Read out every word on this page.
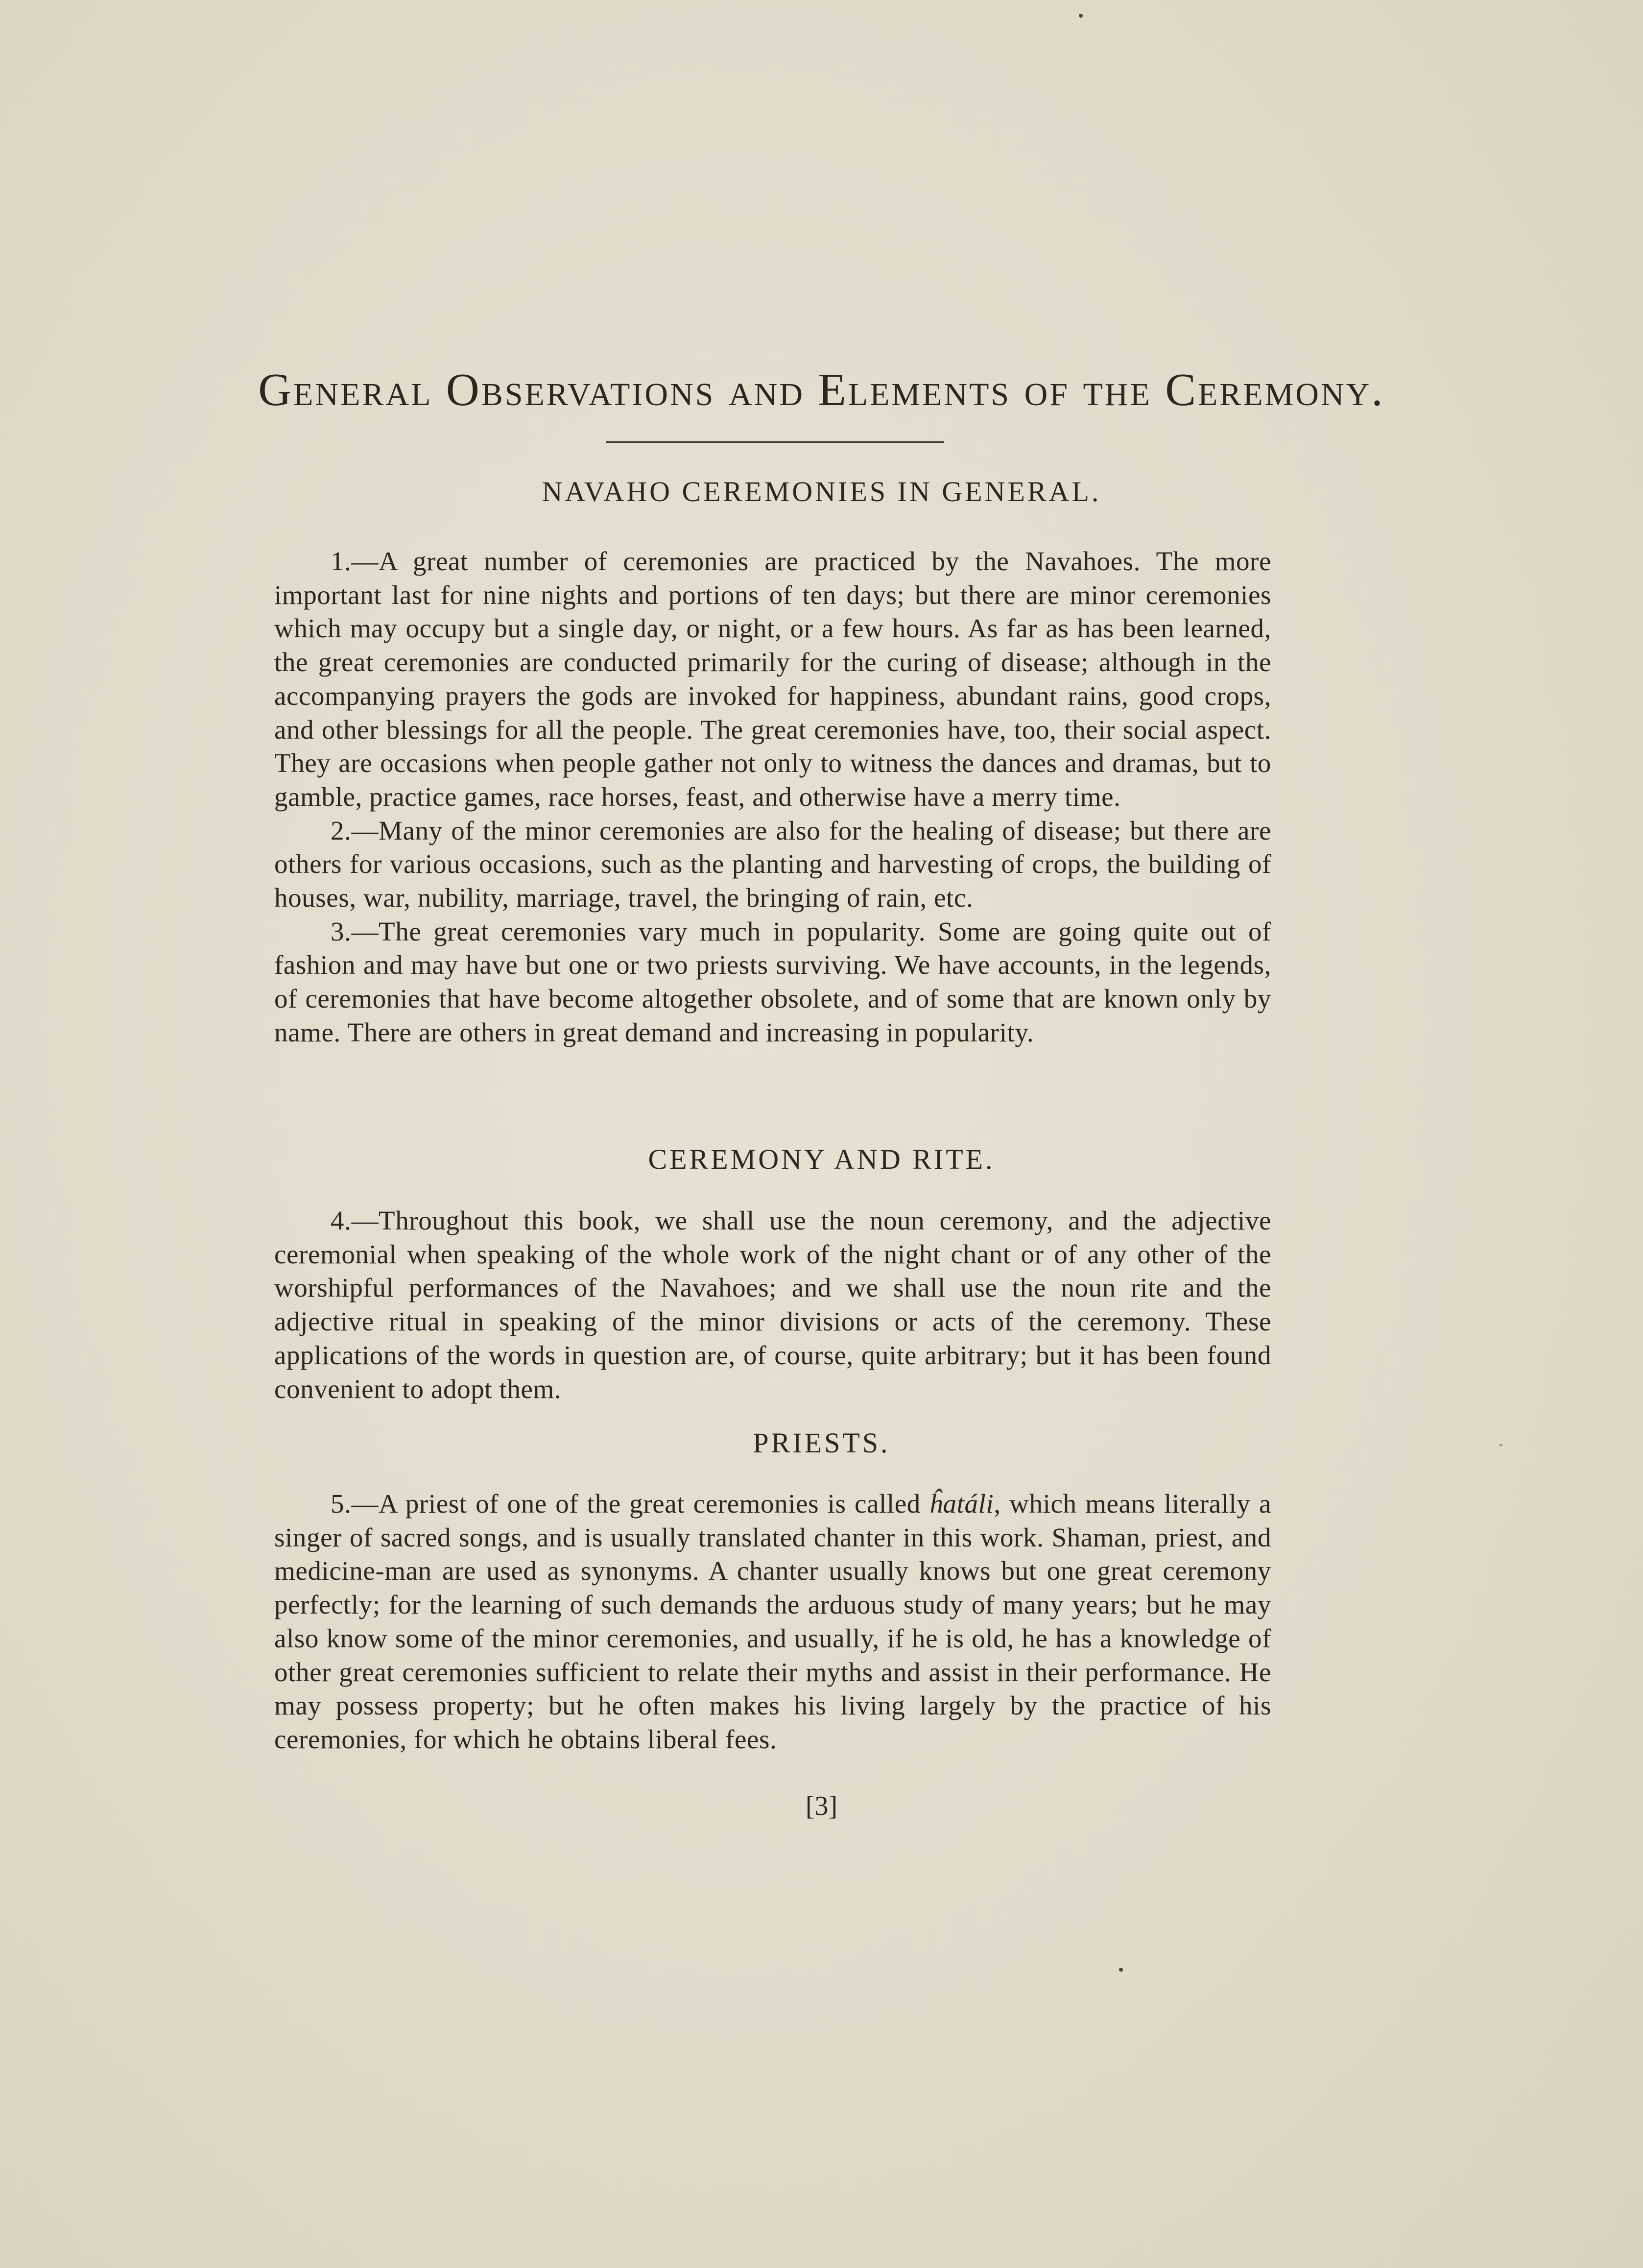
General Observations and Elements of the Ceremony.
NAVAHO CEREMONIES IN GENERAL.

1.—A great number of ceremonies are practiced by the Navahoes. The more important last for nine nights and portions of ten days; but there are minor ceremonies which may occupy but a single day, or night, or a few hours. As far as has been learned, the great ceremonies are conducted primarily for the curing of disease; although in the accompanying prayers the gods are invoked for happiness, abundant rains, good crops, and other blessings for all the people. The great ceremonies have, too, their social aspect. They are occasions when people gather not only to witness the dances and dramas, but to gamble, practice games, race horses, feast, and otherwise have a merry time.

2.—Many of the minor ceremonies are also for the healing of disease; but there are others for various occasions, such as the planting and harvesting of crops, the building of houses, war, nubility, marriage, travel, the bringing of rain, etc.

3.—The great ceremonies vary much in popularity. Some are going quite out of fashion and may have but one or two priests surviving. We have accounts, in the legends, of ceremonies that have become altogether obsolete, and of some that are known only by name. There are others in great demand and increasing in popularity.

CEREMONY AND RITE.

4.—Throughout this book, we shall use the noun ceremony, and the adjective ceremonial when speaking of the whole work of the night chant or of any other of the worshipful performances of the Navahoes; and we shall use the noun rite and the adjective ritual in speaking of the minor divisions or acts of the ceremony. These applications of the words in question are, of course, quite arbitrary; but it has been found convenient to adopt them.

PRIESTS.

5.—A priest of one of the great ceremonies is called ĥatáli, which means literally a singer of sacred songs, and is usually translated chanter in this work. Shaman, priest, and medicine-man are used as synonyms. A chanter usually knows but one great ceremony perfectly; for the learning of such demands the arduous study of many years; but he may also know some of the minor ceremonies, and usually, if he is old, he has a knowledge of other great ceremonies sufficient to relate their myths and assist in their performance. He may possess property; but he often makes his living largely by the practice of his ceremonies, for which he obtains liberal fees.

[3]
